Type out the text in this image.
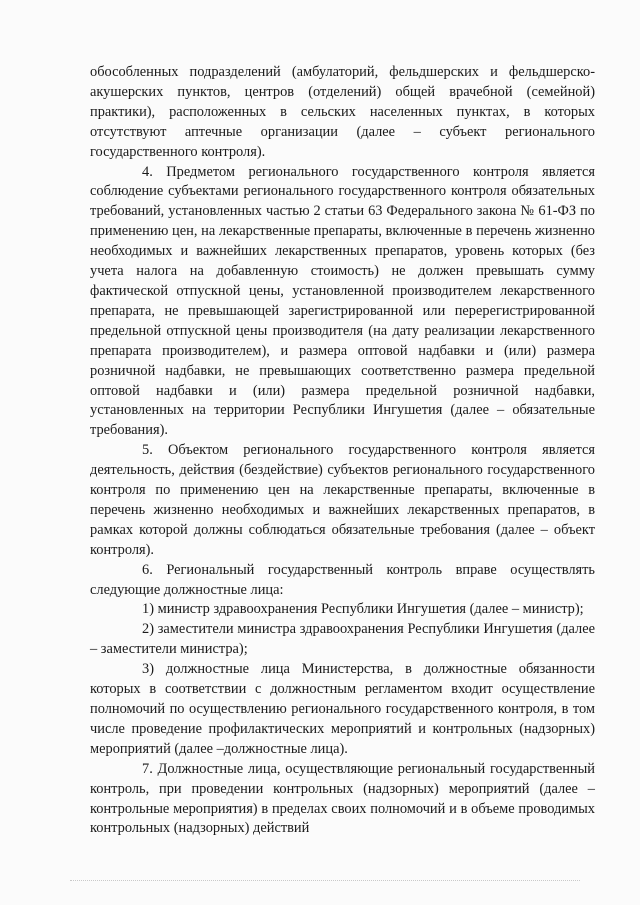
обособленных подразделений (амбулаторий, фельдшерских и фельдшерско-акушерских пунктов, центров (отделений) общей врачебной (семейной) практики), расположенных в сельских населенных пунктах, в которых отсутствуют аптечные организации (далее – субъект регионального государственного контроля).

4. Предметом регионального государственного контроля является соблюдение субъектами регионального государственного контроля обязательных требований, установленных частью 2 статьи 63 Федерального закона № 61-ФЗ по применению цен, на лекарственные препараты, включенные в перечень жизненно необходимых и важнейших лекарственных препаратов, уровень которых (без учета налога на добавленную стоимость) не должен превышать сумму фактической отпускной цены, установленной производителем лекарственного препарата, не превышающей зарегистрированной или перерегистрированной предельной отпускной цены производителя (на дату реализации лекарственного препарата производителем), и размера оптовой надбавки и (или) размера розничной надбавки, не превышающих соответственно размера предельной оптовой надбавки и (или) размера предельной розничной надбавки, установленных на территории Республики Ингушетия (далее – обязательные требования).

5. Объектом регионального государственного контроля является деятельность, действия (бездействие) субъектов регионального государственного контроля по применению цен на лекарственные препараты, включенные в перечень жизненно необходимых и важнейших лекарственных препаратов, в рамках которой должны соблюдаться обязательные требования (далее – объект контроля).

6. Региональный государственный контроль вправе осуществлять следующие должностные лица:

1) министр здравоохранения Республики Ингушетия (далее – министр);

2) заместители министра здравоохранения Республики Ингушетия (далее – заместители министра);

3) должностные лица Министерства, в должностные обязанности которых в соответствии с должностным регламентом входит осуществление полномочий по осуществлению регионального государственного контроля, в том числе проведение профилактических мероприятий и контрольных (надзорных) мероприятий (далее –должностные лица).

7. Должностные лица, осуществляющие региональный государственный контроль, при проведении контрольных (надзорных) мероприятий (далее – контрольные мероприятия) в пределах своих полномочий и в объеме проводимых контрольных (надзорных) действий
